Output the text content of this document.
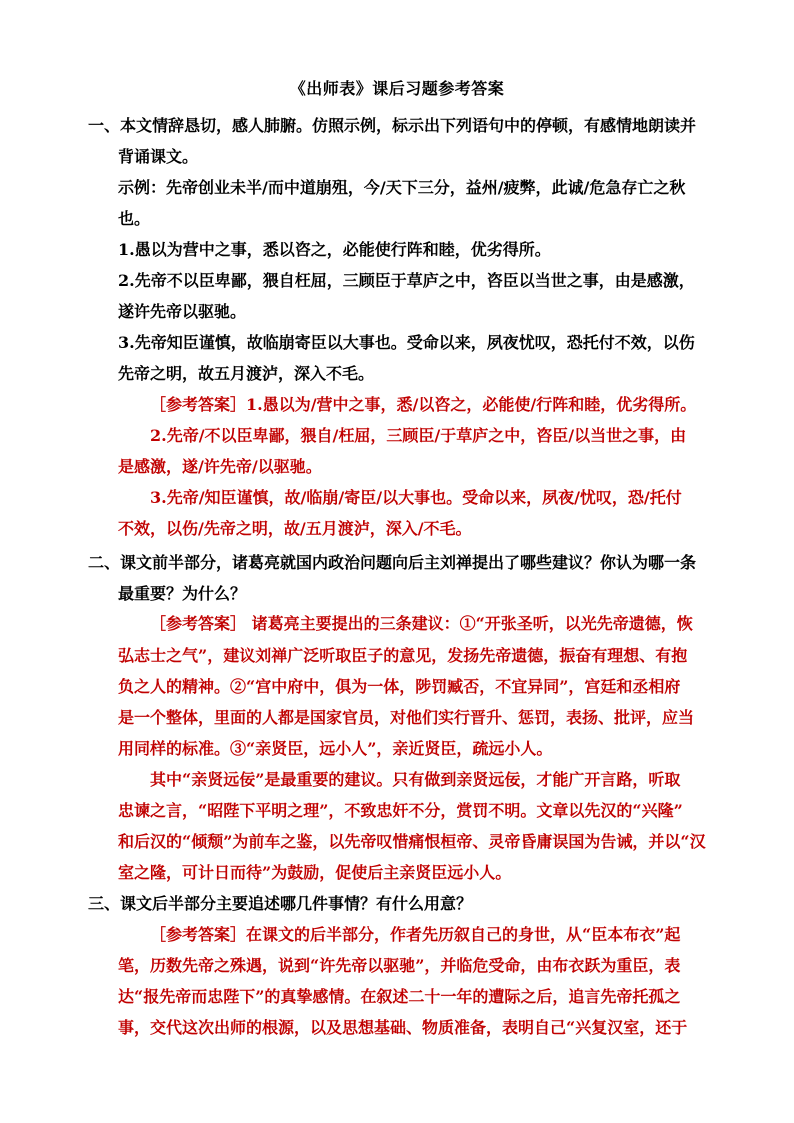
《出师表》课后习题参考答案
一、本文情辞恳切，感人肺腑。仿照示例，标示出下列语句中的停顿，有感情地朗读并
背诵课文。
示例：先帝创业未半/而中道崩殂，今/天下三分，益州/疲弊，此诚/危急存亡之秋
也。
1.愚以为营中之事，悉以咨之，必能使行阵和睦，优劣得所。
2.先帝不以臣卑鄙，猥自枉屈，三顾臣于草庐之中，咨臣以当世之事，由是感激，
遂许先帝以驱驰。
3.先帝知臣谨慎，故临崩寄臣以大事也。受命以来，夙夜忧叹，恐托付不效，以伤
先帝之明，故五月渡泸，深入不毛。
［参考答案］1.愚以为/营中之事，悉/以咨之，必能使/行阵和睦，优劣得所。
2.先帝/不以臣卑鄙，猥自/枉屈，三顾臣/于草庐之中，咨臣/以当世之事，由
是感激，遂/许先帝/以驱驰。
3.先帝/知臣谨慎，故/临崩/寄臣/以大事也。受命以来，夙夜/忧叹，恐/托付
不效，以伤/先帝之明，故/五月渡泸，深入/不毛。
二、课文前半部分，诸葛亮就国内政治问题向后主刘禅提出了哪些建议？你认为哪一条
最重要？为什么？
［参考答案］ 诸葛亮主要提出的三条建议：①“开张圣听，以光先帝遗德，恢
弘志士之气”，建议刘禅广泛听取臣子的意见，发扬先帝遗德，振奋有理想、有抱
负之人的精神。②“宫中府中，俱为一体，陟罚臧否，不宜异同”，宫廷和丞相府
是一个整体，里面的人都是国家官员，对他们实行晋升、惩罚，表扬、批评，应当
用同样的标准。③“亲贤臣，远小人”，亲近贤臣，疏远小人。
其中“亲贤远佞”是最重要的建议。只有做到亲贤远佞，才能广开言路，听取
忠谏之言，“昭陛下平明之理”，不致忠奸不分，赏罚不明。文章以先汉的“兴隆”
和后汉的“倾颓”为前车之鉴，以先帝叹惜痛恨桓帝、灵帝昏庸误国为告诫，并以“汉
室之隆，可计日而待”为鼓励，促使后主亲贤臣远小人。
三、课文后半部分主要追述哪几件事情？有什么用意？
［参考答案］在课文的后半部分，作者先历叙自己的身世，从“臣本布衣”起
笔，历数先帝之殊遇，说到“许先帝以驱驰”，并临危受命，由布衣跃为重臣，表
达“报先帝而忠陛下”的真挚感情。在叙述二十一年的遭际之后，追言先帝托孤之
事，交代这次出师的根源，以及思想基础、物质准备，表明自己“兴复汉室，还于
